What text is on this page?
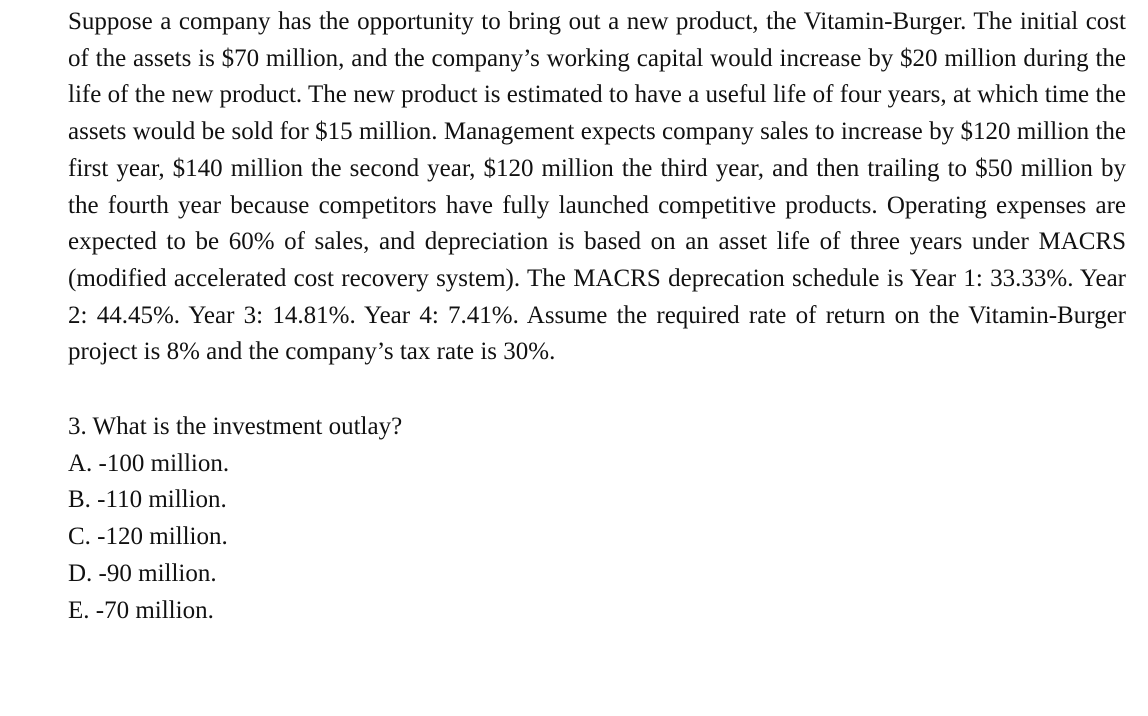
Suppose a company has the opportunity to bring out a new product, the Vitamin-Burger. The initial cost of the assets is $70 million, and the company’s working capital would increase by $20 million during the life of the new product. The new product is estimated to have a useful life of four years, at which time the assets would be sold for $15 million. Management expects company sales to increase by $120 million the first year, $140 million the second year, $120 million the third year, and then trailing to $50 million by the fourth year because competitors have fully launched competitive products. Operating expenses are expected to be 60% of sales, and depreciation is based on an asset life of three years under MACRS (modified accelerated cost recovery system). The MACRS deprecation schedule is Year 1: 33.33%. Year 2: 44.45%. Year 3: 14.81%. Year 4: 7.41%. Assume the required rate of return on the Vitamin-Burger project is 8% and the company’s tax rate is 30%.

3. What is the investment outlay?

A. -100 million.
B. -110 million.
C. -120 million.
D. -90 million.
E. -70 million.
